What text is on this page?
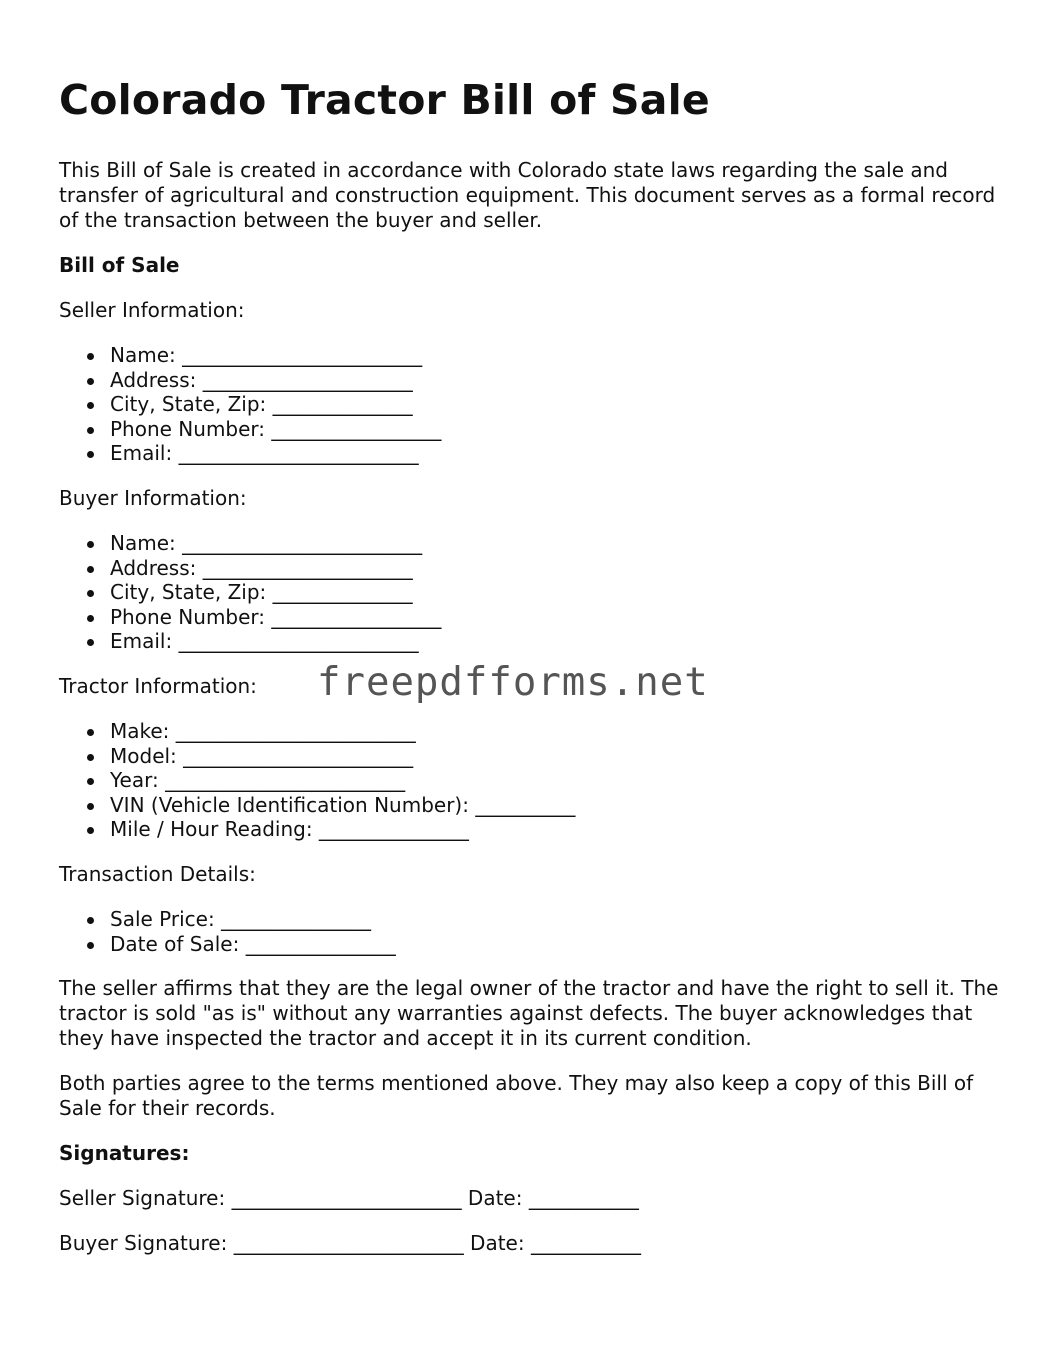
Colorado Tractor Bill of Sale

This Bill of Sale is created in accordance with Colorado state laws regarding the sale and transfer of agricultural and construction equipment. This document serves as a formal record of the transaction between the buyer and seller.

Bill of Sale

Seller Information:

Name: ________________________
Address: _____________________
City, State, Zip: ______________
Phone Number: _________________
Email: ________________________

Buyer Information:

Name: ________________________
Address: _____________________
City, State, Zip: ______________
Phone Number: _________________
Email: ________________________

Tractor Information:

Make: ________________________
Model: _______________________
Year: ________________________
VIN (Vehicle Identification Number): __________
Mile / Hour Reading: _______________

Transaction Details:

Sale Price: _______________
Date of Sale: _______________

The seller affirms that they are the legal owner of the tractor and have the right to sell it. The tractor is sold "as is" without any warranties against defects. The buyer acknowledges that they have inspected the tractor and accept it in its current condition.

Both parties agree to the terms mentioned above. They may also keep a copy of this Bill of Sale for their records.

Signatures:

Seller Signature: _______________________ Date: ___________
Buyer Signature: _______________________ Date: ___________
freepdfforms.net
